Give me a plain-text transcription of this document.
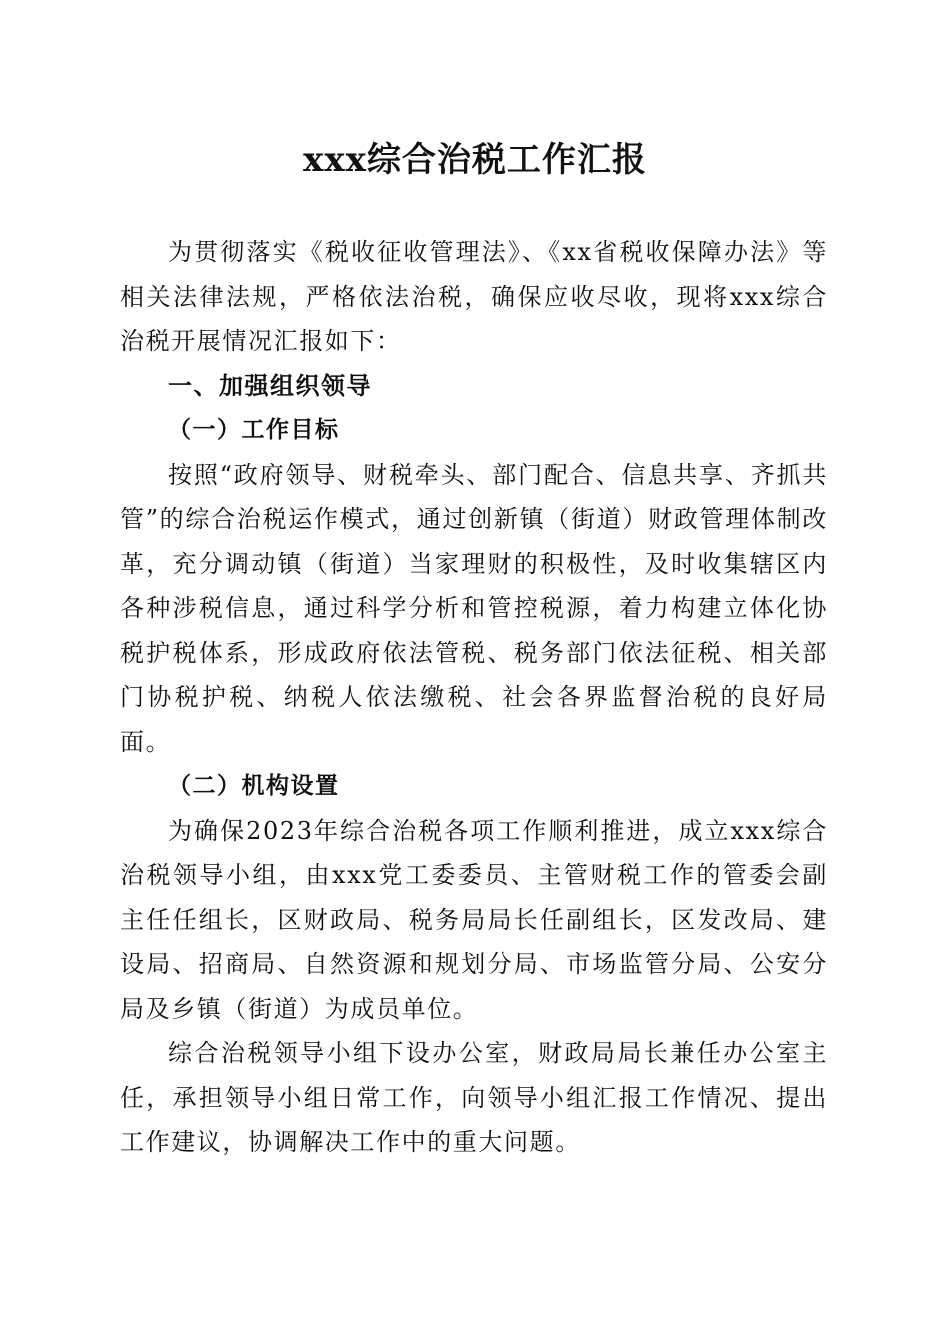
xxx综合治税工作汇报

为贯彻落实《税收征收管理法》、《xx省税收保障办法》等相关法律法规，严格依法治税，确保应收尽收，现将xxx综合治税开展情况汇报如下：

一、加强组织领导

（一）工作目标

按照“政府领导、财税牵头、部门配合、信息共享、齐抓共管”的综合治税运作模式，通过创新镇（街道）财政管理体制改革，充分调动镇（街道）当家理财的积极性，及时收集辖区内各种涉税信息，通过科学分析和管控税源，着力构建立体化协税护税体系，形成政府依法管税、税务部门依法征税、相关部门协税护税、纳税人依法缴税、社会各界监督治税的良好局面。

（二）机构设置

为确保2023年综合治税各项工作顺利推进，成立xxx综合治税领导小组，由xxx党工委委员、主管财税工作的管委会副主任任组长，区财政局、税务局局长任副组长，区发改局、建设局、招商局、自然资源和规划分局、市场监管分局、公安分局及乡镇（街道）为成员单位。

综合治税领导小组下设办公室，财政局局长兼任办公室主任，承担领导小组日常工作，向领导小组汇报工作情况、提出工作建议，协调解决工作中的重大问题。
